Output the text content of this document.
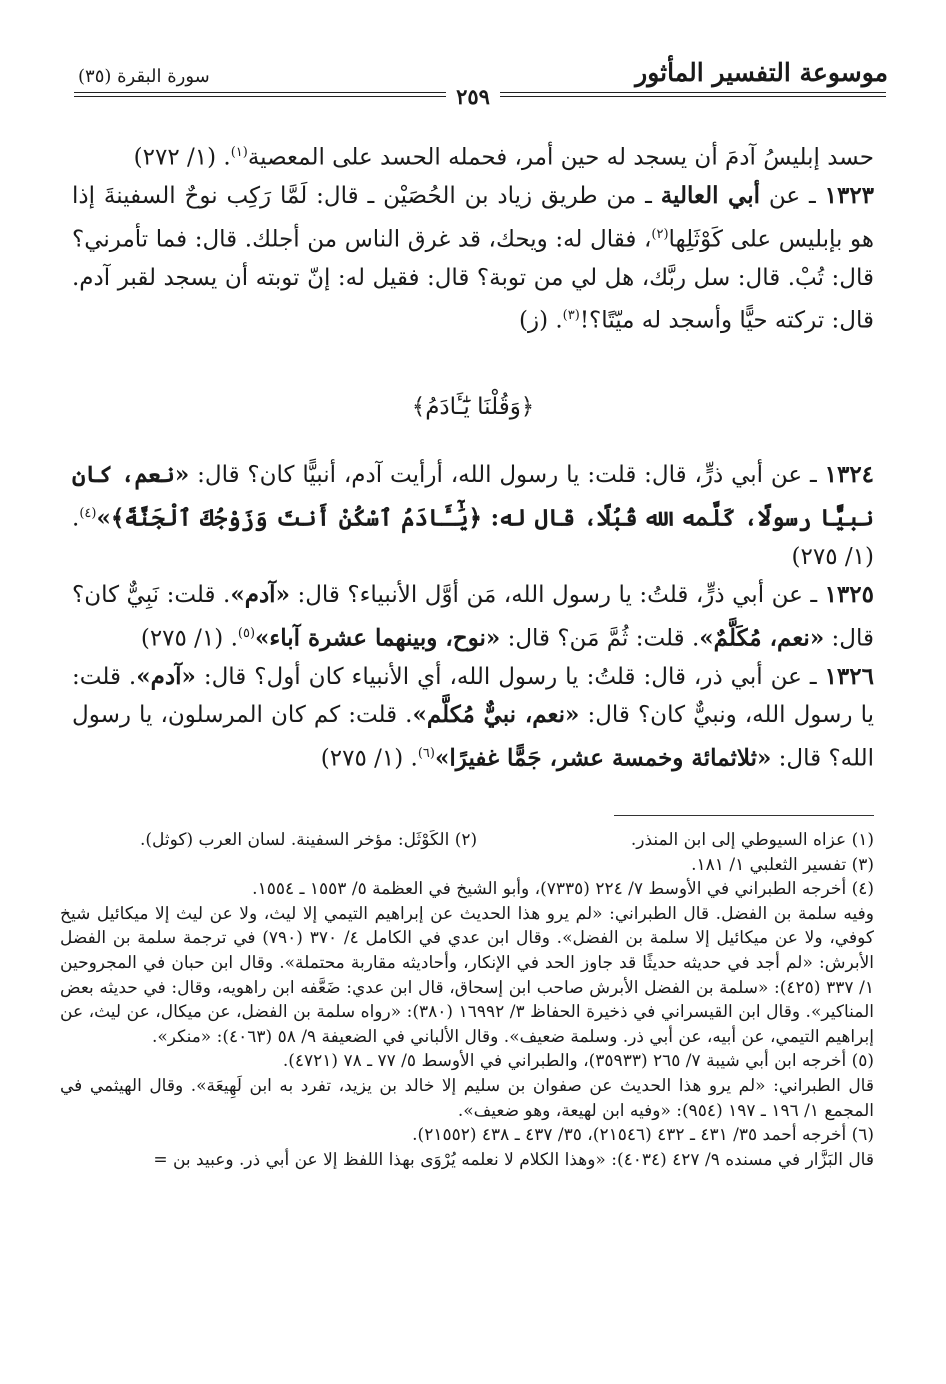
موسوعة التفسير المأثور
سورة البقرة (٣٥)
٢٥٩

حسد إبليسُ آدمَ أن يسجد له حين أمر، فحمله الحسد على المعصية$^{(١)}$. (١/ ٢٧٢)

١٣٢٣ ـ عن أبي العالية ـ من طريق زياد بن الحُصَيْن ـ قال: لَمَّا رَكِب نوحٌ السفينةَ إذا هو بإبليس على كَوْثَلِها$^{(٢)}$، فقال له: ويحك، قد غرق الناس من أجلك. قال: فما تأمرني؟ قال: تُبْ. قال: سل ربَّك، هل لي من توبة؟ قال: فقيل له: إنّ توبته أن يسجد لقبر آدم. قال: تركته حيًّا وأسجد له ميّتًا؟!$^{(٣)}$. (ز)

﴿وَقُلْنَا يَٰٓـَٔادَمُ﴾

١٣٢٤ ـ عن أبي ذرٍّ، قال: قلت: يا رسول الله، أرأيت آدم، أنبيًّا كان؟ قال: «نعم، كان نبيًّا رسولًا، كَلَّمه الله قُبُلًا، قال له: ﴿يَٰٓـَٔادَمُ ٱسْكُنْ أَنتَ وَزَوْجُكَ ٱلْجَنَّةَ﴾»$^{(٤)}$. (١/ ٢٧٥)

١٣٢٥ ـ عن أبي ذرٍّ، قلتُ: يا رسول الله، مَن أوَّل الأنبياء؟ قال: «آدم». قلت: نَبِيٌّ كان؟ قال: «نعم، مُكَلَّمٌ». قلت: ثُمَّ مَن؟ قال: «نوح، وبينهما عشرة آباء»$^{(٥)}$. (١/ ٢٧٥)

١٣٢٦ ـ عن أبي ذر، قال: قلتُ: يا رسول الله، أي الأنبياء كان أول؟ قال: «آدم». قلت: يا رسول الله، ونبيٌّ كان؟ قال: «نعم، نبيٌّ مُكلَّم». قلت: كم كان المرسلون، يا رسول الله؟ قال: «ثلاثمائة وخمسة عشر، جَمًّا غفيرًا»$^{(٦)}$. (١/ ٢٧٥)

(١) عزاه السيوطي إلى ابن المنذر.
(٢) الكَوْثَل: مؤخر السفينة. لسان العرب (كوثل).

(٣) تفسير الثعلبي ١/ ١٨١.

(٤) أخرجه الطبراني في الأوسط ٧/ ٢٢٤ (٧٣٣٥)، وأبو الشيخ في العظمة ٥/ ١٥٥٣ ـ ١٥٥٤.

وفيه سلمة بن الفضل. قال الطبراني: «لم يرو هذا الحديث عن إبراهيم التيمي إلا ليث، ولا عن ليث إلا ميكائيل شيخ كوفي، ولا عن ميكائيل إلا سلمة بن الفضل». وقال ابن عدي في الكامل ٤/ ٣٧٠ (٧٩٠) في ترجمة سلمة بن الفضل الأبرش: «لم أجد في حديثه حديثًا قد جاوز الحد في الإنكار، وأحاديثه مقاربة محتملة». وقال ابن حبان في المجروحين ١/ ٣٣٧ (٤٢٥): «سلمة بن الفضل الأبرش صاحب ابن إسحاق، قال ابن عدي: ضَعَّفه ابن راهويه، وقال: في حديثه بعض المناكير». وقال ابن القيسراني في ذخيرة الحفاظ ٣/ ١٦٩٩٢ (٣٨٠): «رواه سلمة بن الفضل، عن ميكال، عن ليث، عن إبراهيم التيمي، عن أبيه، عن أبي ذر. وسلمة ضعيف». وقال الألباني في الضعيفة ٩/ ٥٨ (٤٠٦٣): «منكر».

(٥) أخرجه ابن أبي شيبة ٧/ ٢٦٥ (٣٥٩٣٣)، والطبراني في الأوسط ٥/ ٧٧ ـ ٧٨ (٤٧٢١).

قال الطبراني: «لم يرو هذا الحديث عن صفوان بن سليم إلا خالد بن يزيد، تفرد به ابن لَهِيعَة». وقال الهيثمي في المجمع ١/ ١٩٦ ـ ١٩٧ (٩٥٤): «وفيه ابن لهيعة، وهو ضعيف».

(٦) أخرجه أحمد ٣٥/ ٤٣١ ـ ٤٣٢ (٢١٥٤٦)، ٣٥/ ٤٣٧ ـ ٤٣٨ (٢١٥٥٢).

قال البَزَّار في مسنده ٩/ ٤٢٧ (٤٠٣٤): «وهذا الكلام لا نعلمه يُرْوَى بهذا اللفظ إلا عن أبي ذر. وعبيد بن =
